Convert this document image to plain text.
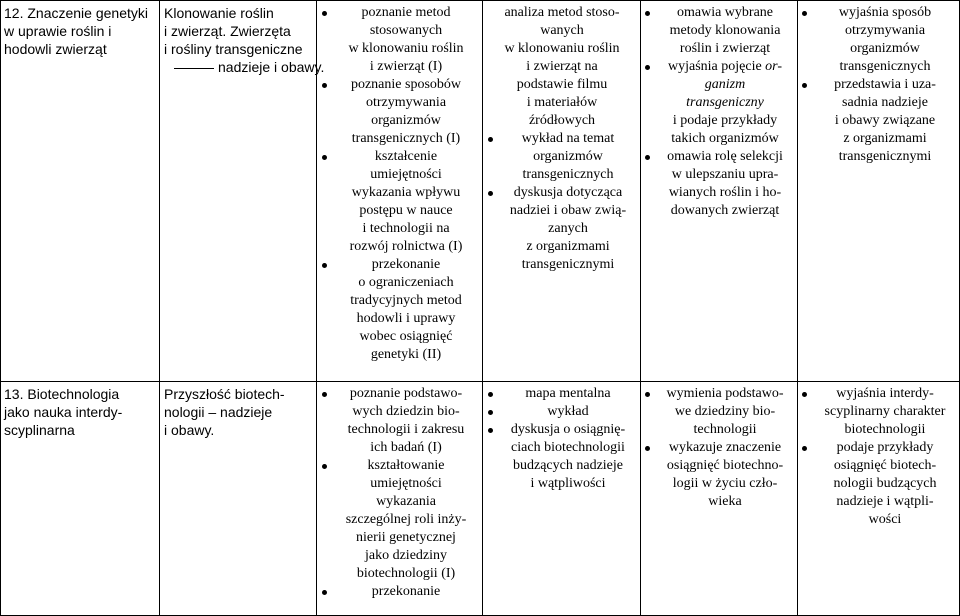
12. Znaczenie genetyki
w uprawie roślin i
hodowli zwierząt
Klonowanie roślin
i zwierząt. Zwierzęta
i rośliny transgeniczne
nadzieje i obawy.
poznanie metod
stosowanych
w klonowaniu roślin
i zwierząt (I)
poznanie sposobów
otrzymywania
organizmów
transgenicznych (I)
kształcenie
umiejętności
wykazania wpływu
postępu w nauce
i technologii na
rozwój rolnictwa (I)
przekonanie
o ograniczeniach
tradycyjnych metod
hodowli i uprawy
wobec osiągnięć
genetyki (II)
analiza metod stoso-
wanych
w klonowaniu roślin
i zwierząt na
podstawie filmu
i materiałów
źródłowych
wykład na temat
organizmów
transgenicznych
dyskusja dotycząca
nadziei i obaw zwią-
zanych
z organizmami
transgenicznymi
omawia wybrane
metody klonowania
roślin i zwierząt
wyjaśnia pojęcie or-
ganizm
transgeniczny
i podaje przykłady
takich organizmów
omawia rolę selekcji
w ulepszaniu upra-
wianych roślin i ho-
dowanych zwierząt
wyjaśnia sposób
otrzymywania
organizmów
transgenicznych
przedstawia i uza-
sadnia nadzieje
i obawy związane
z organizmami
transgenicznymi
13. Biotechnologia
jako nauka interdy-
scyplinarna
Przyszłość biotech-
nologii – nadzieje
i obawy.
poznanie podstawo-
wych dziedzin bio-
technologii i zakresu
ich badań (I)
kształtowanie
umiejętności
wykazania
szczególnej roli inży-
nierii genetycznej
jako dziedziny
biotechnologii (I)
przekonanie
mapa mentalna
wykład
dyskusja o osiągnię-
ciach biotechnologii
budzących nadzieje
i wątpliwości
wymienia podstawo-
we dziedziny bio-
technologii
wykazuje znaczenie
osiągnięć biotechno-
logii w życiu czło-
wieka
wyjaśnia interdy-
scyplinarny charakter
biotechnologii
podaje przykłady
osiągnięć biotech-
nologii budzących
nadzieje i wątpli-
wości
